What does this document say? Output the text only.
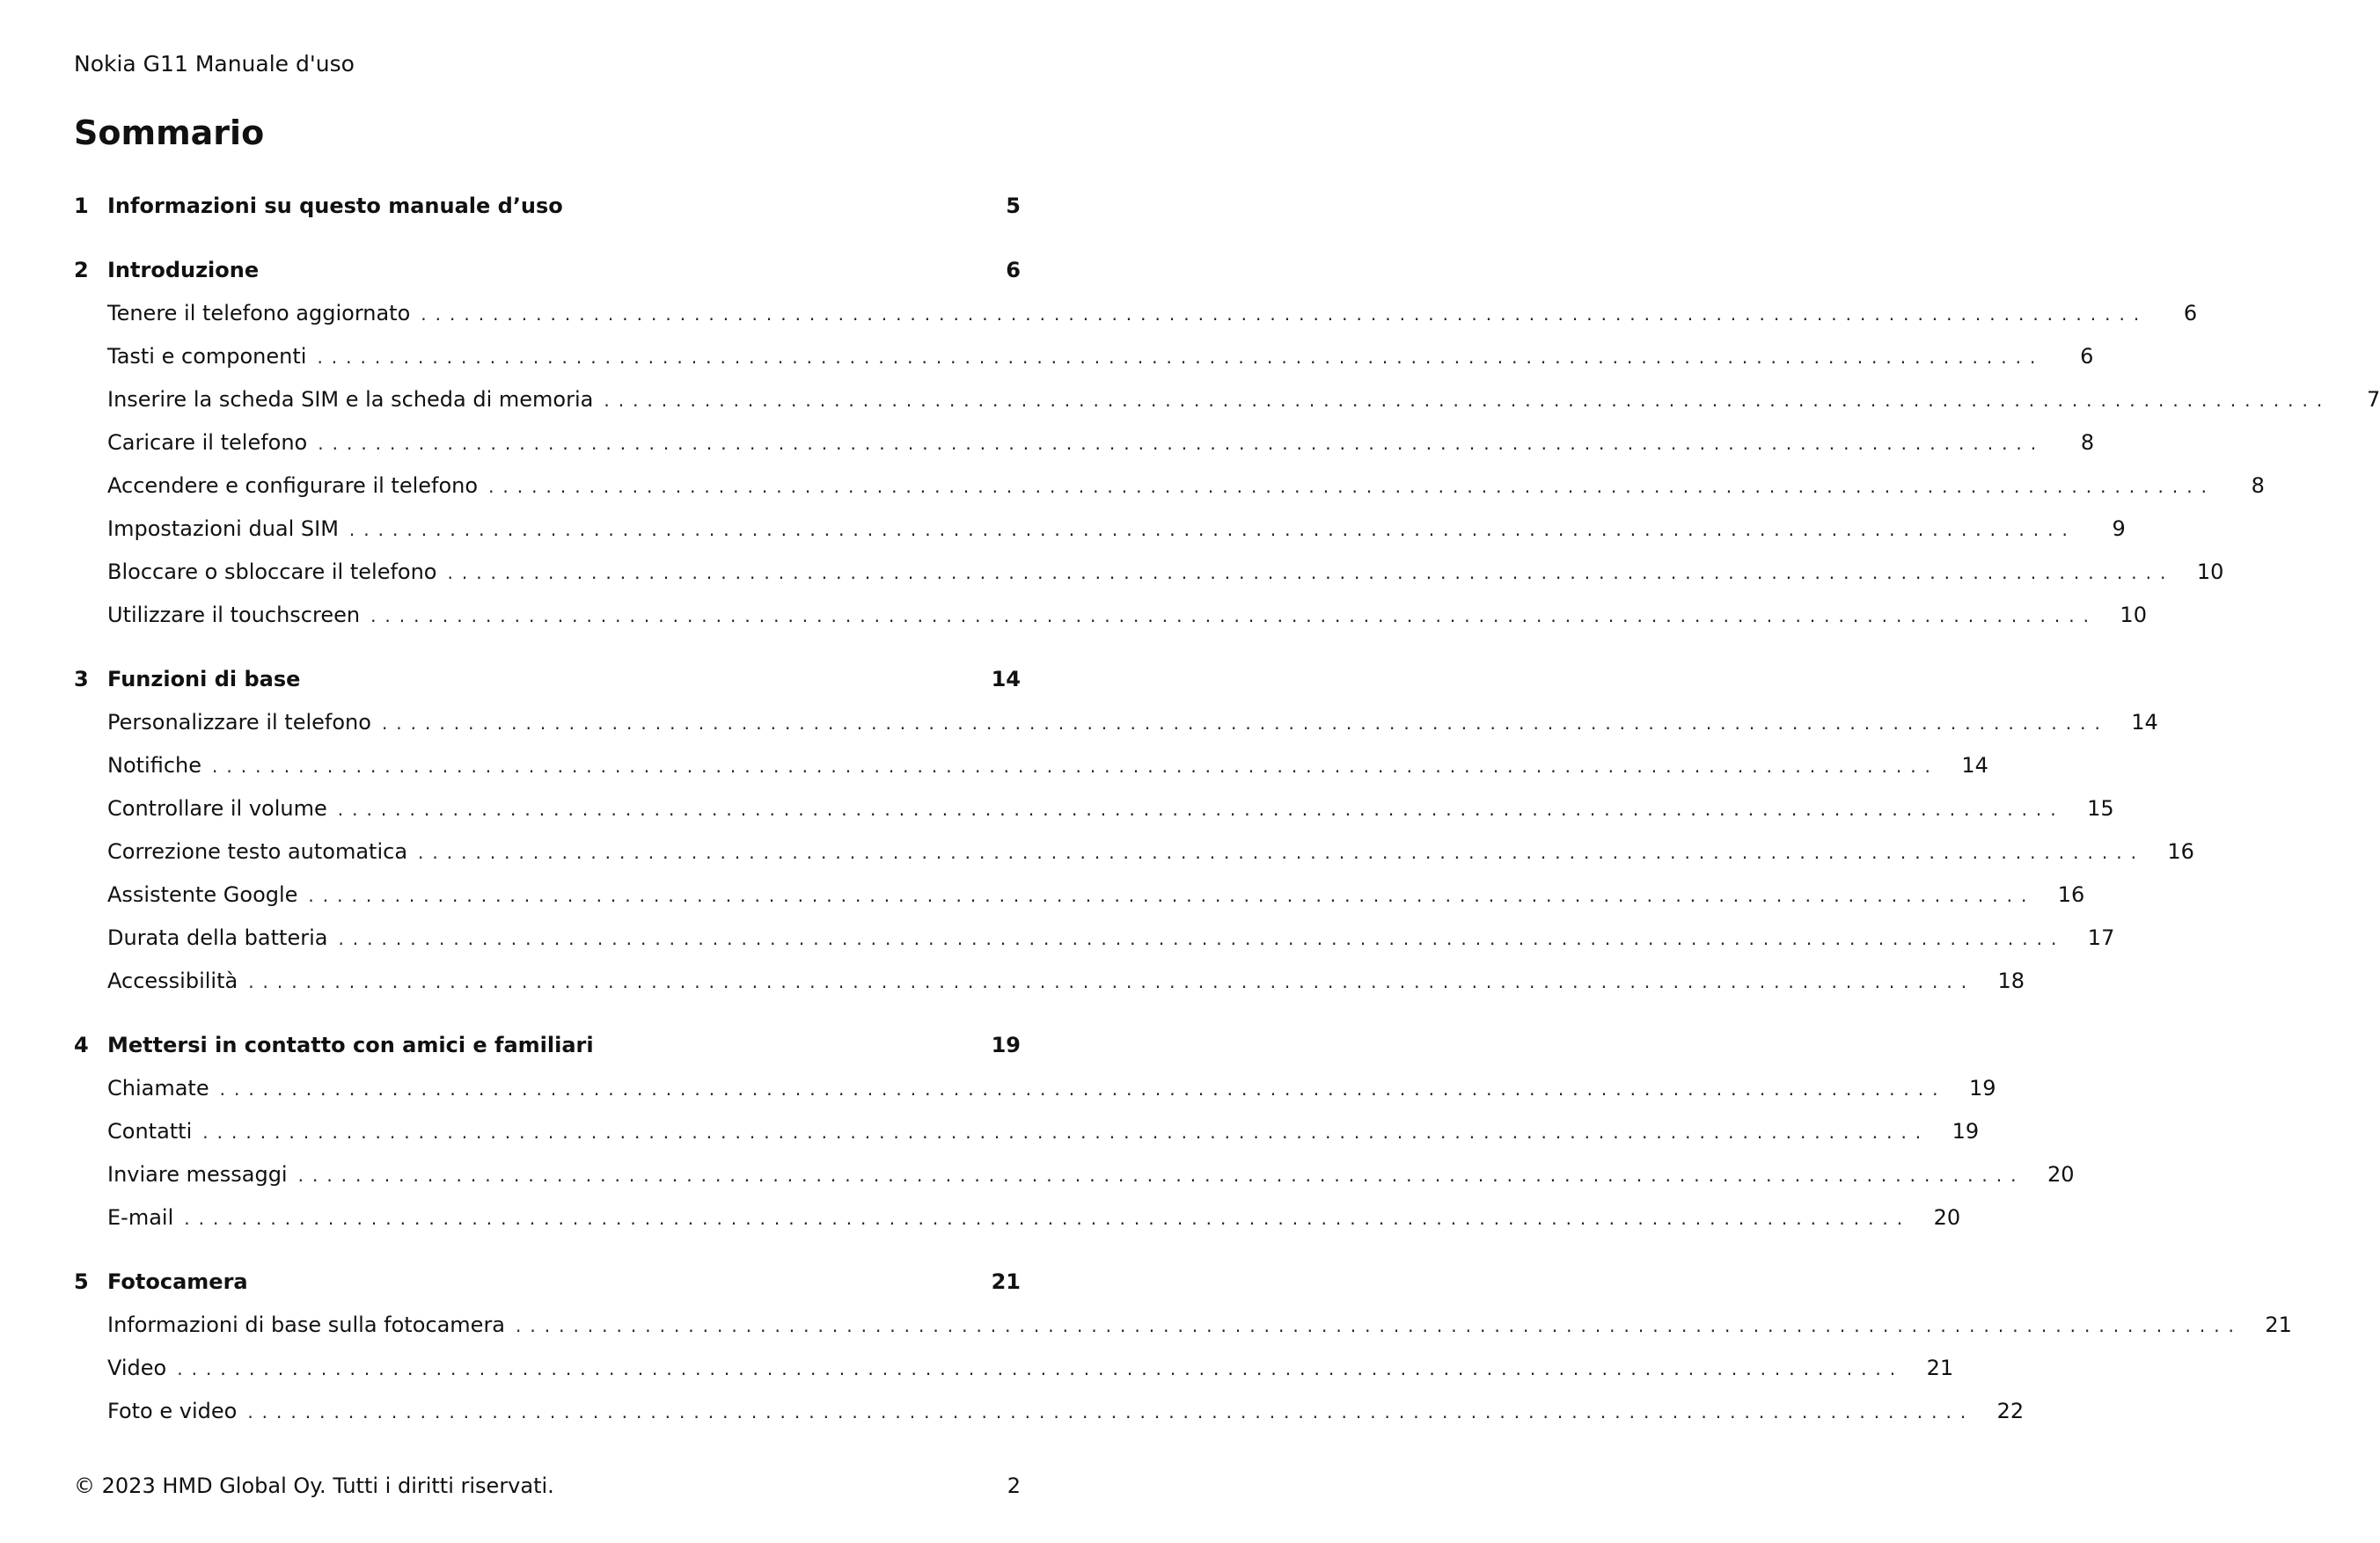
Nokia G11 Manuale d'uso
Sommario
1 Informazioni su questo manuale d’uso	5
2 Introduzione	6
Tenere il telefono aggiornato ........................................................................................................................	6
Tasti e componenti ........................................................................................................................	6
Inserire la scheda SIM e la scheda di memoria ........................................................................................................................	7
Caricare il telefono ........................................................................................................................	8
Accendere e configurare il telefono ........................................................................................................................	8
Impostazioni dual SIM ........................................................................................................................	9
Bloccare o sbloccare il telefono ........................................................................................................................	10
Utilizzare il touchscreen ........................................................................................................................	10
3 Funzioni di base	14
Personalizzare il telefono ........................................................................................................................	14
Notifiche ........................................................................................................................	14
Controllare il volume ........................................................................................................................	15
Correzione testo automatica ........................................................................................................................	16
Assistente Google ........................................................................................................................	16
Durata della batteria ........................................................................................................................	17
Accessibilità ........................................................................................................................	18
4 Mettersi in contatto con amici e familiari	19
Chiamate ........................................................................................................................	19
Contatti ........................................................................................................................	19
Inviare messaggi ........................................................................................................................	20
E-mail ........................................................................................................................	20
5 Fotocamera	21
Informazioni di base sulla fotocamera ........................................................................................................................	21
Video ........................................................................................................................	21
Foto e video ........................................................................................................................	22
© 2023 HMD Global Oy. Tutti i diritti riservati.	2
